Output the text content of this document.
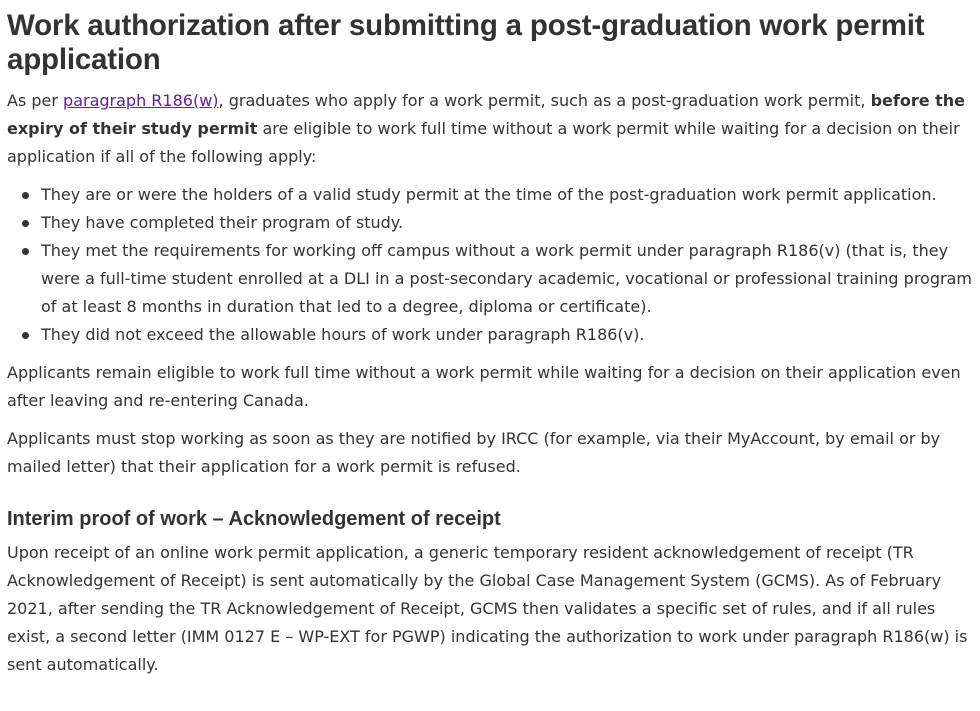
Work authorization after submitting a post-graduation work permit application

As per paragraph R186(w), graduates who apply for a work permit, such as a post-graduation work permit, before the expiry of their study permit are eligible to work full time without a work permit while waiting for a decision on their application if all of the following apply:

They are or were the holders of a valid study permit at the time of the post-graduation work permit application.
They have completed their program of study.
They met the requirements for working off campus without a work permit under paragraph R186(v) (that is, they were a full-time student enrolled at a DLI in a post-secondary academic, vocational or professional training program of at least 8 months in duration that led to a degree, diploma or certificate).
They did not exceed the allowable hours of work under paragraph R186(v).

Applicants remain eligible to work full time without a work permit while waiting for a decision on their application even after leaving and re-entering Canada.

Applicants must stop working as soon as they are notified by IRCC (for example, via their MyAccount, by email or by mailed letter) that their application for a work permit is refused.

Interim proof of work – Acknowledgement of receipt

Upon receipt of an online work permit application, a generic temporary resident acknowledgement of receipt (TR Acknowledgement of Receipt) is sent automatically by the Global Case Management System (GCMS). As of February 2021, after sending the TR Acknowledgement of Receipt, GCMS then validates a specific set of rules, and if all rules exist, a second letter (IMM 0127 E – WP-EXT for PGWP) indicating the authorization to work under paragraph R186(w) is sent automatically.
